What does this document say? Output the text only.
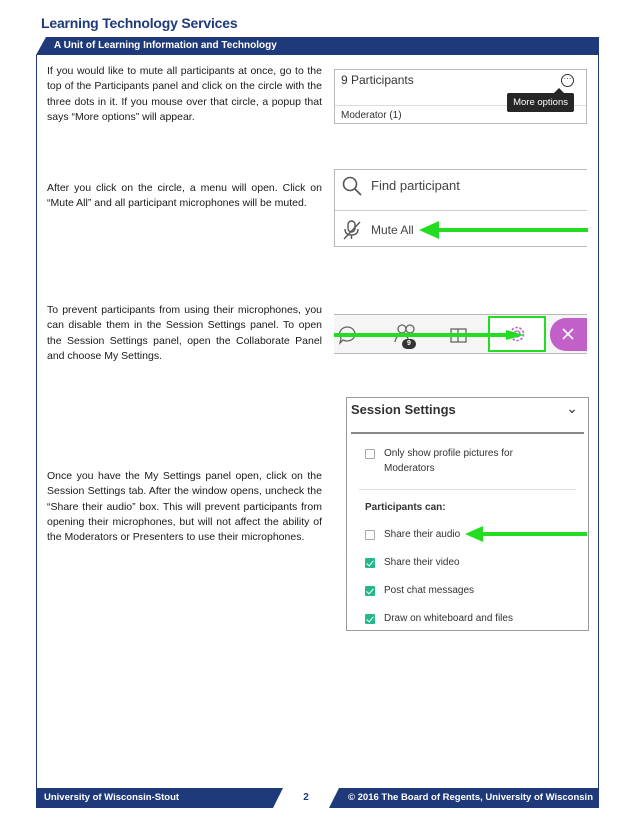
Learning Technology Services
A Unit of Learning Information and Technology
If you would like to mute all participants at once, go to the top of the Participants panel and click on the circle with the three dots in it. If you mouse over that circle, a popup that says “More options” will appear.
After you click on the circle, a menu will open. Click on “Mute All” and all participant microphones will be muted.
To prevent participants from using their microphones, you can disable them in the Session Settings panel. To open the Session Settings panel, open the Collaborate Panel and choose My Settings.
Once you have the My Settings panel open, click on the Session Settings tab. After the window opens, uncheck the “Share their audio” box. This will prevent participants from opening their microphones, but will not affect the ability of the Moderators or Presenters to use their microphones.
9 Participants	···
Moderator (1)
More options
Find participant
Mute All
9
Session Settings	⌄
Only show profile pictures for Moderators
Participants can:
Share their audio
Share their video
Post chat messages
Draw on whiteboard and files
University of Wisconsin-Stout	2	© 2016 The Board of Regents, University of Wisconsin
